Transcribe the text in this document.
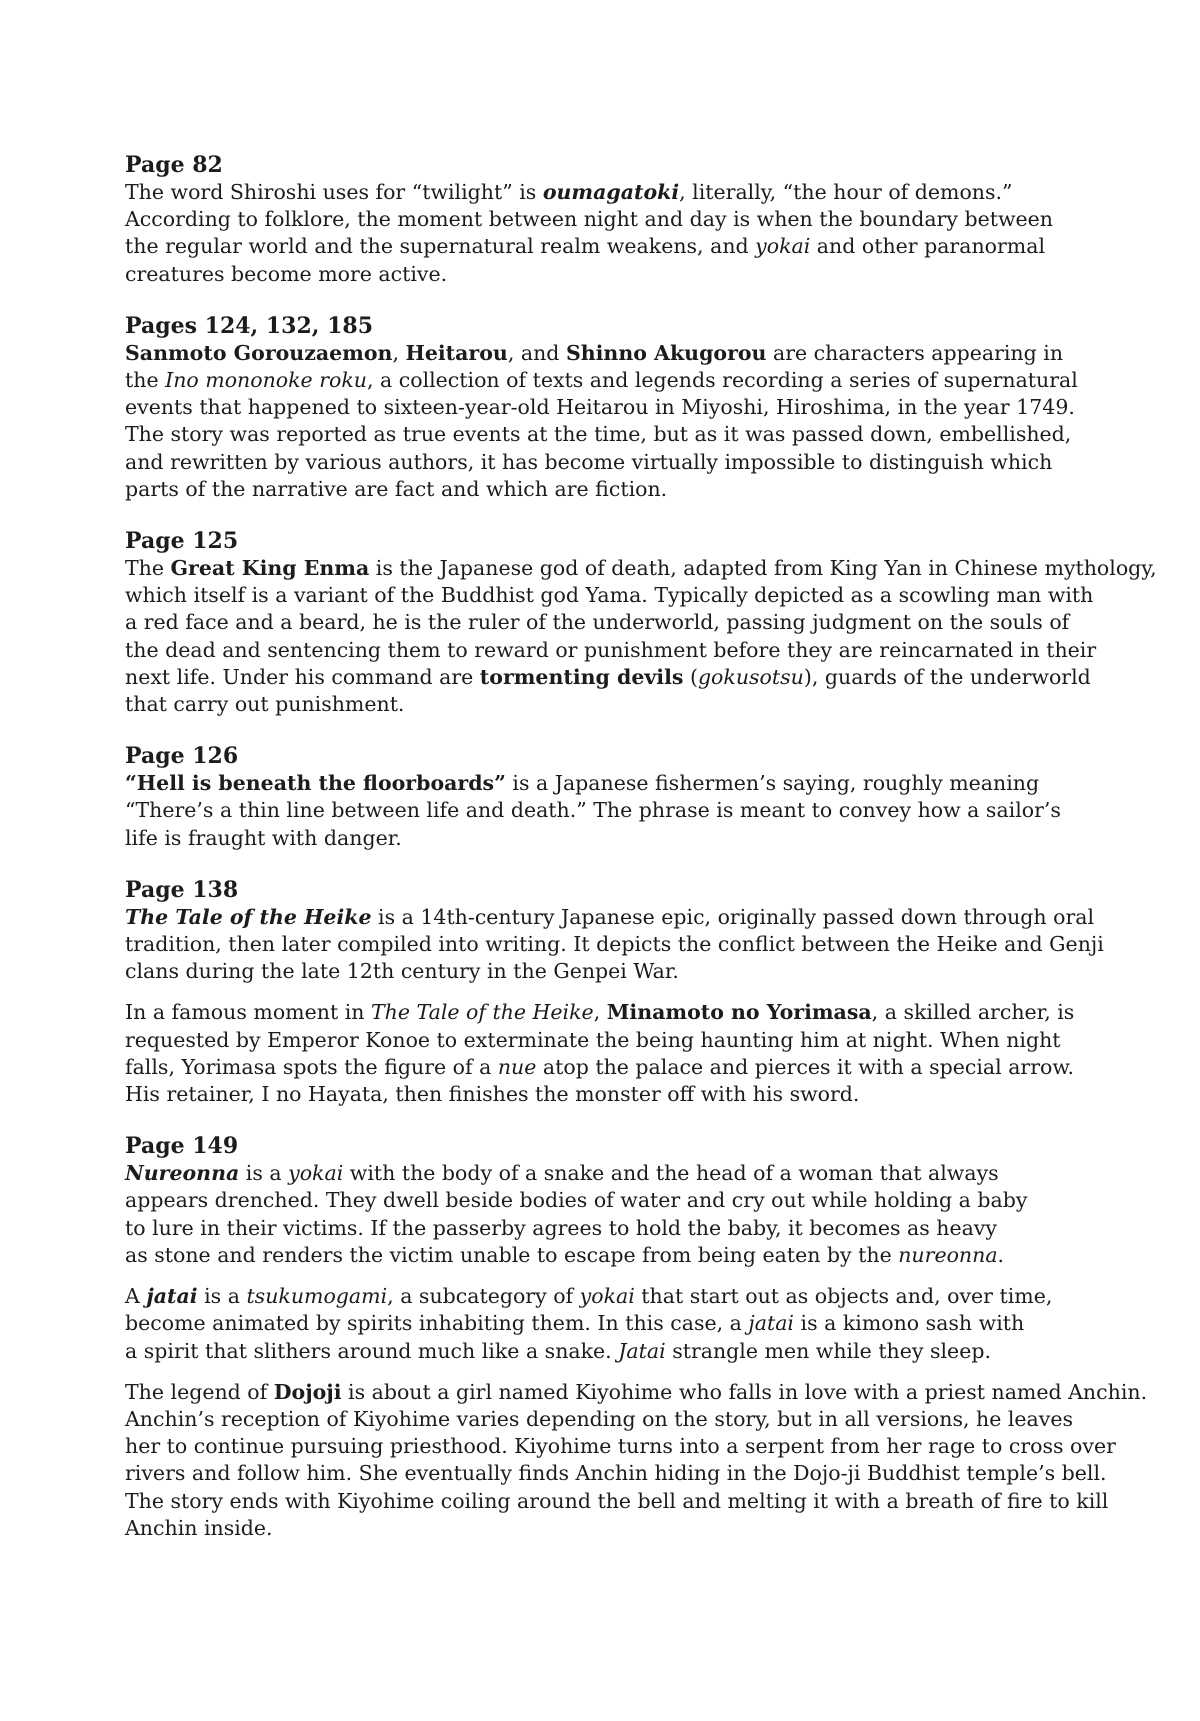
Page 82

The word Shiroshi uses for “twilight” is oumagatoki, literally, “the hour of demons.”
According to folklore, the moment between night and day is when the boundary between
the regular world and the supernatural realm weakens, and yokai and other paranormal
creatures become more active.

Pages 124, 132, 185

Sanmoto Gorouzaemon, Heitarou, and Shinno Akugorou are characters appearing in
the Ino mononoke roku, a collection of texts and legends recording a series of supernatural
events that happened to sixteen-year-old Heitarou in Miyoshi, Hiroshima, in the year 1749.
The story was reported as true events at the time, but as it was passed down, embellished,
and rewritten by various authors, it has become virtually impossible to distinguish which
parts of the narrative are fact and which are fiction.

Page 125

The Great King Enma is the Japanese god of death, adapted from King Yan in Chinese mythology,
which itself is a variant of the Buddhist god Yama. Typically depicted as a scowling man with
a red face and a beard, he is the ruler of the underworld, passing judgment on the souls of
the dead and sentencing them to reward or punishment before they are reincarnated in their
next life. Under his command are tormenting devils (gokusotsu), guards of the underworld
that carry out punishment.

Page 126

“Hell is beneath the floorboards” is a Japanese fishermen’s saying, roughly meaning
“There’s a thin line between life and death.” The phrase is meant to convey how a sailor’s
life is fraught with danger.

Page 138

The Tale of the Heike is a 14th-century Japanese epic, originally passed down through oral
tradition, then later compiled into writing. It depicts the conflict between the Heike and Genji
clans during the late 12th century in the Genpei War.

In a famous moment in The Tale of the Heike, Minamoto no Yorimasa, a skilled archer, is
requested by Emperor Konoe to exterminate the being haunting him at night. When night
falls, Yorimasa spots the figure of a nue atop the palace and pierces it with a special arrow.
His retainer, I no Hayata, then finishes the monster off with his sword.

Page 149

Nureonna is a yokai with the body of a snake and the head of a woman that always
appears drenched. They dwell beside bodies of water and cry out while holding a baby
to lure in their victims. If the passerby agrees to hold the baby, it becomes as heavy
as stone and renders the victim unable to escape from being eaten by the nureonna.

A jatai is a tsukumogami, a subcategory of yokai that start out as objects and, over time,
become animated by spirits inhabiting them. In this case, a jatai is a kimono sash with
a spirit that slithers around much like a snake. Jatai strangle men while they sleep.

The legend of Dojoji is about a girl named Kiyohime who falls in love with a priest named Anchin.
Anchin’s reception of Kiyohime varies depending on the story, but in all versions, he leaves
her to continue pursuing priesthood. Kiyohime turns into a serpent from her rage to cross over
rivers and follow him. She eventually finds Anchin hiding in the Dojo-ji Buddhist temple’s bell.
The story ends with Kiyohime coiling around the bell and melting it with a breath of fire to kill
Anchin inside.
